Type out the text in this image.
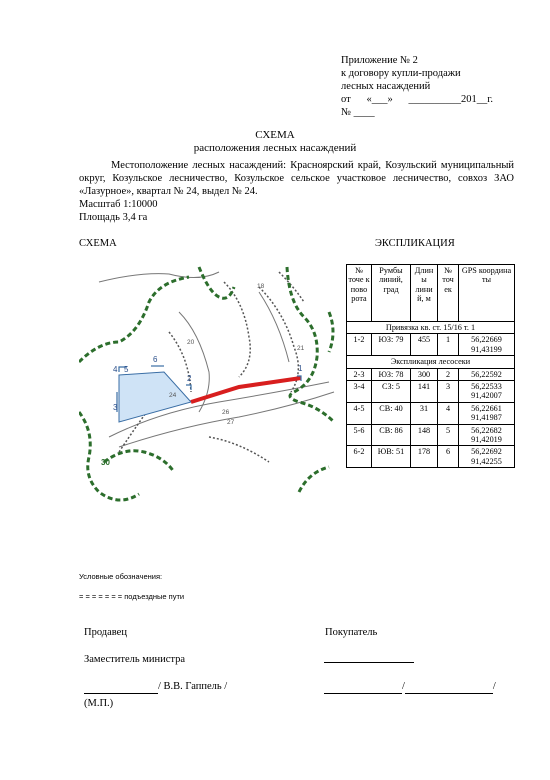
Приложение № 2
к договору купли-продажи
лесных насаждений
от      «___»      __________201__г.
№ ____
СХЕМА
расположения лесных насаждений
Местоположение лесных насаждений: Красноярский край, Козульский муниципальный округ, Козульское лесничество, Козульское сельское участковое лесничество, совхоз ЗАО «Лазурное», квартал № 24, выдел № 24.
Масштаб 1:10000
Площадь 3,4 га
СХЕМА	ЭКСПЛИКАЦИЯ
18
20
21
24
26
27
30
1
2
3
4 5
6
№ точе к пово рота	Румбы линий, град	Длин ы лини й, м	№ точ ек	GPS координа ты
Привязка кв. ст. 15/16 т. 1				
1-2	ЮЗ: 79	455	1	56,22669
91,43199
Экспликация лесосеки				
2-3	ЮЗ: 78	300	2	56,22592
3-4	СЗ: 5	141	3	56,22533
91,42007
4-5	СВ: 40	31	4	56,22661
91,41987
5-6	СВ: 86	148	5	56,22682
91,42019
6-2	ЮВ: 51	178	6	56,22692
91,42255
Условные обозначения:
= = = = = = = подъездные пути
Продавец	Покупатель
Заместитель министра
/ В.В. Гаппель /	/	/
(М.П.)
